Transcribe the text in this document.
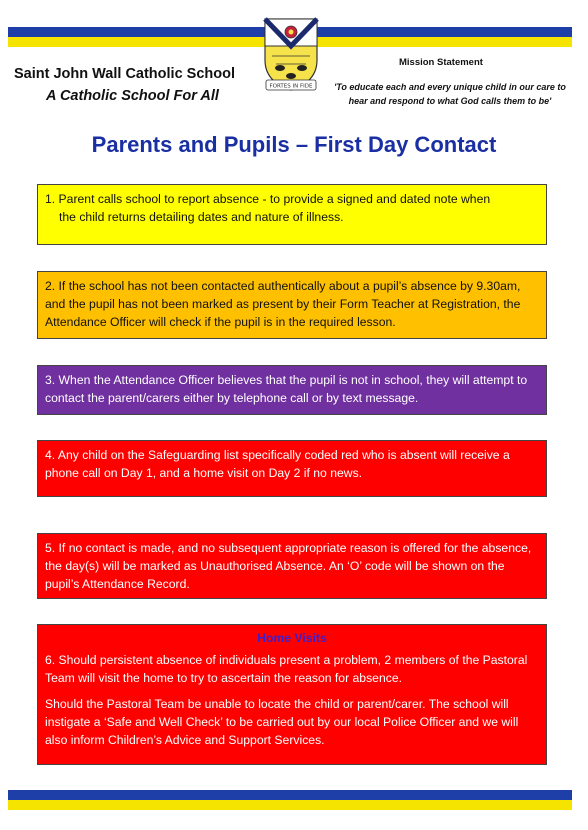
FORTES IN FIDE
Saint John Wall Catholic School
A Catholic School For All
Mission Statement
'To educate each and every unique child in our care to hear and respond to what God calls them to be'
Parents and Pupils – First Day Contact

1. Parent calls school to report absence - to provide a signed and dated note when

the child returns detailing dates and nature of illness.

2. If the school has not been contacted authentically about a pupil’s absence by 9.30am, and the pupil has not been marked as present by their Form Teacher at Registration, the Attendance Officer will check if the pupil is in the required lesson.

3. When the Attendance Officer believes that the pupil is not in school, they will attempt to contact the parent/carers either by telephone call or by text message.

4. Any child on the Safeguarding list specifically coded red who is absent will receive a phone call on Day 1, and a home visit on Day 2 if no news.

5. If no contact is made, and no subsequent appropriate reason is offered for the absence, the day(s) will be marked as Unauthorised Absence. An ‘O’ code will be shown on the pupil’s Attendance Record.

Home Visits

6. Should persistent absence of individuals present a problem, 2 members of the Pastoral Team will visit the home to try to ascertain the reason for absence.

Should the Pastoral Team be unable to locate the child or parent/carer. The school will instigate a ‘Safe and Well Check’ to be carried out by our local Police Officer and we will also inform Children’s Advice and Support Services.
